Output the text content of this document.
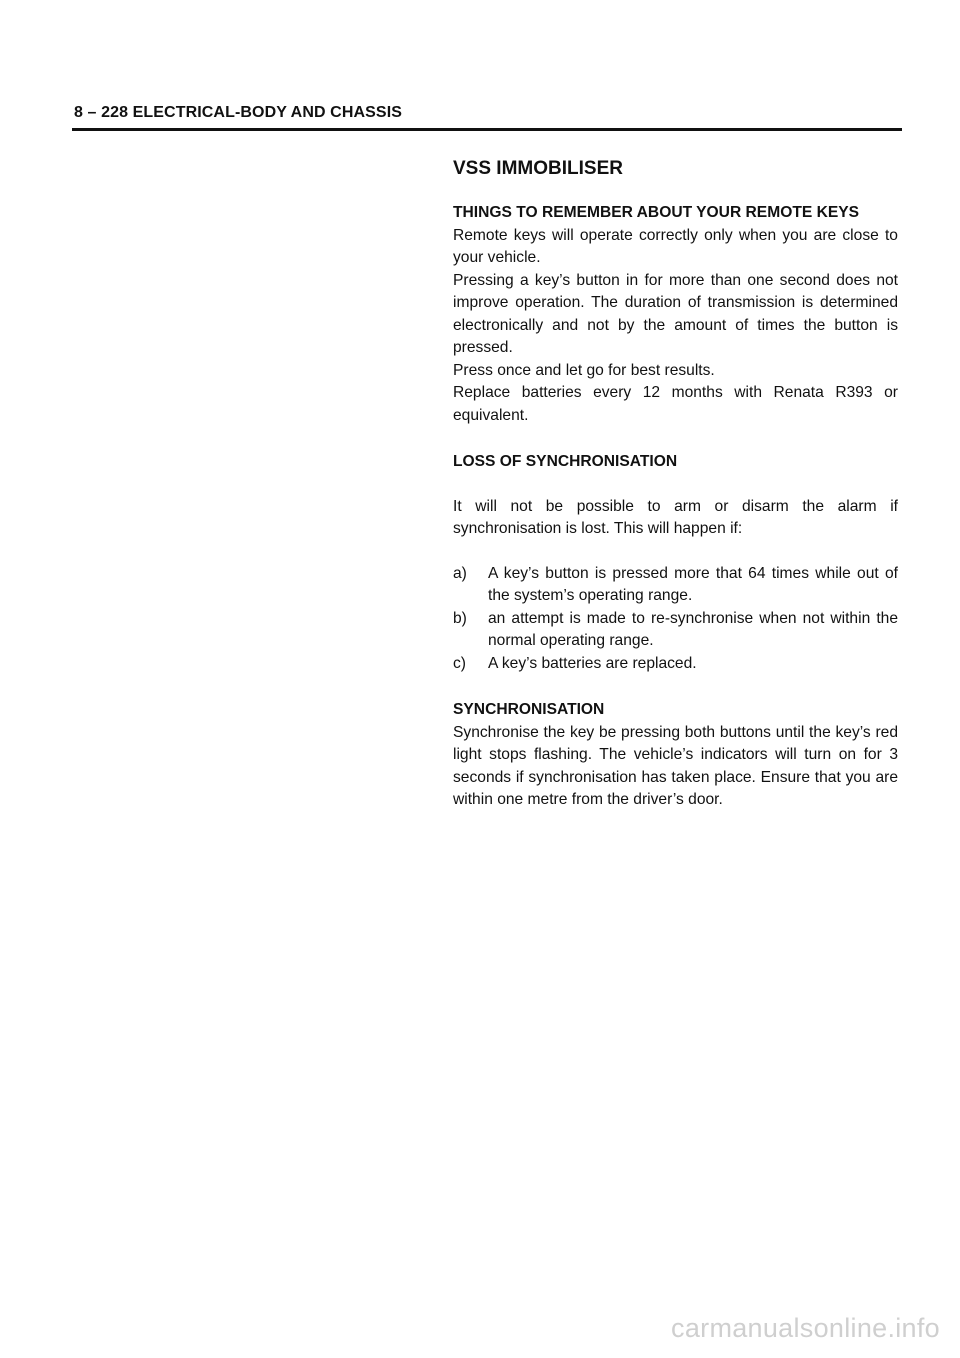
8 – 228 ELECTRICAL-BODY AND CHASSIS
VSS IMMOBILISER
THINGS TO REMEMBER ABOUT YOUR REMOTE KEYS

Remote keys will operate correctly only when you are close to your vehicle.

Pressing a key’s button in for more than one second does not improve operation. The duration of transmission is determined electronically and not by the amount of times the button is pressed.

Press once and let go for best results.

Replace batteries every 12 months with Renata R393 or equivalent.

LOSS OF SYNCHRONISATION

It will not be possible to arm or disarm the alarm if synchronisation is lost. This will happen if:

a)	A key’s button is pressed more that 64 times while out of the system’s operating range.
b)	an attempt is made to re-synchronise when not within the normal operating range.
c)	A key’s batteries are replaced.
SYNCHRONISATION

Synchronise the key be pressing both buttons until the key’s red light stops flashing. The vehicle’s indicators will turn on for 3 seconds if synchronisation has taken place. Ensure that you are within one metre from the driver’s door.

carmanualsonline.info
